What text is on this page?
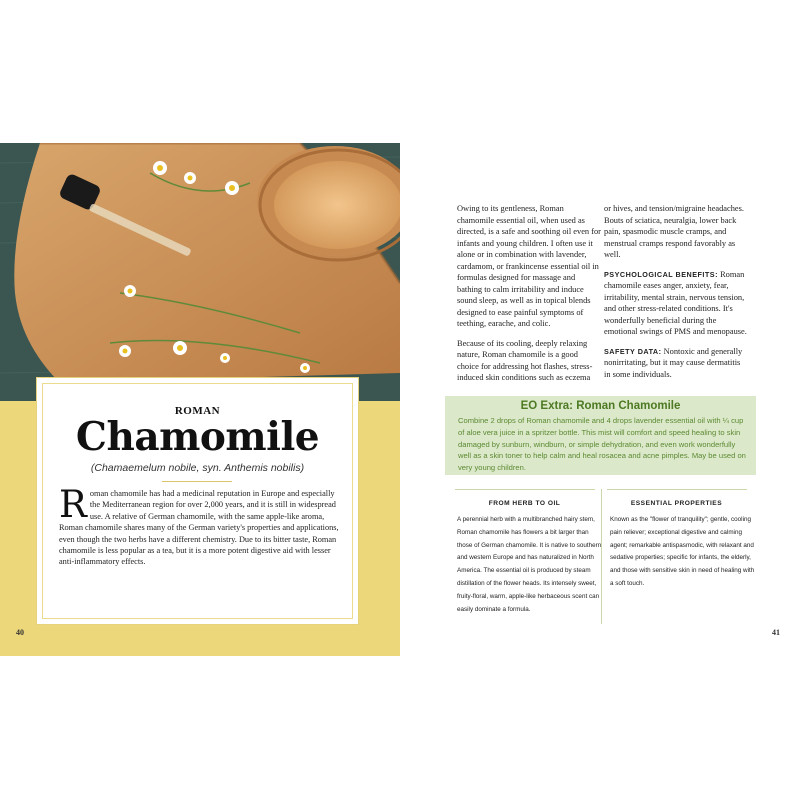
ROMAN
Chamomile
(Chamaemelum nobile, syn. Anthemis nobilis)
Roman chamomile has had a medicinal reputation in Europe and especially the Mediterranean region for over 2,000 years, and it is still in widespread use. A relative of German chamomile, with the same apple-like aroma, Roman chamomile shares many of the German variety's properties and applications, even though the two herbs have a different chemistry. Due to its bitter taste, Roman chamomile is less popular as a tea, but it is a more potent digestive aid with lesser anti-inflammatory effects.
40

Owing to its gentleness, Roman chamomile essential oil, when used as directed, is a safe and soothing oil even for infants and young children. I often use it alone or in combination with lavender, cardamom, or frankincense essential oil in formulas designed for massage and bathing to calm irritability and induce sound sleep, as well as in topical blends designed to ease painful symptoms of teething, earache, and colic.

Because of its cooling, deeply relaxing nature, Roman chamomile is a good choice for addressing hot flashes, stress-induced skin conditions such as eczema

or hives, and tension/migraine headaches. Bouts of sciatica, neuralgia, lower back pain, spasmodic muscle cramps, and menstrual cramps respond favorably as well.

PSYCHOLOGICAL BENEFITS: Roman chamomile eases anger, anxiety, fear, irritability, mental strain, nervous tension, and other stress-related conditions. It's wonderfully beneficial during the emotional swings of PMS and menopause.

SAFETY DATA: Nontoxic and generally nonirritating, but it may cause dermatitis in some individuals.

EO Extra: Roman Chamomile
Combine 2 drops of Roman chamomile and 4 drops lavender essential oil with ¼ cup of aloe vera juice in a spritzer bottle. This mist will comfort and speed healing to skin damaged by sunburn, windburn, or simple dehydration, and even work wonderfully well as a skin toner to help calm and heal rosacea and acne pimples. May be used on very young children.
FROM HERB TO OIL
A perennial herb with a multibranched hairy stem, Roman chamomile has flowers a bit larger than those of German chamomile. It is native to southern and western Europe and has naturalized in North America. The essential oil is produced by steam distillation of the flower heads. Its intensely sweet, fruity-floral, warm, apple-like herbaceous scent can easily dominate a formula.
ESSENTIAL PROPERTIES
Known as the "flower of tranquility"; gentle, cooling pain reliever; exceptional digestive and calming agent; remarkable antispasmodic, with relaxant and sedative properties; specific for infants, the elderly, and those with sensitive skin in need of healing with a soft touch.
41
